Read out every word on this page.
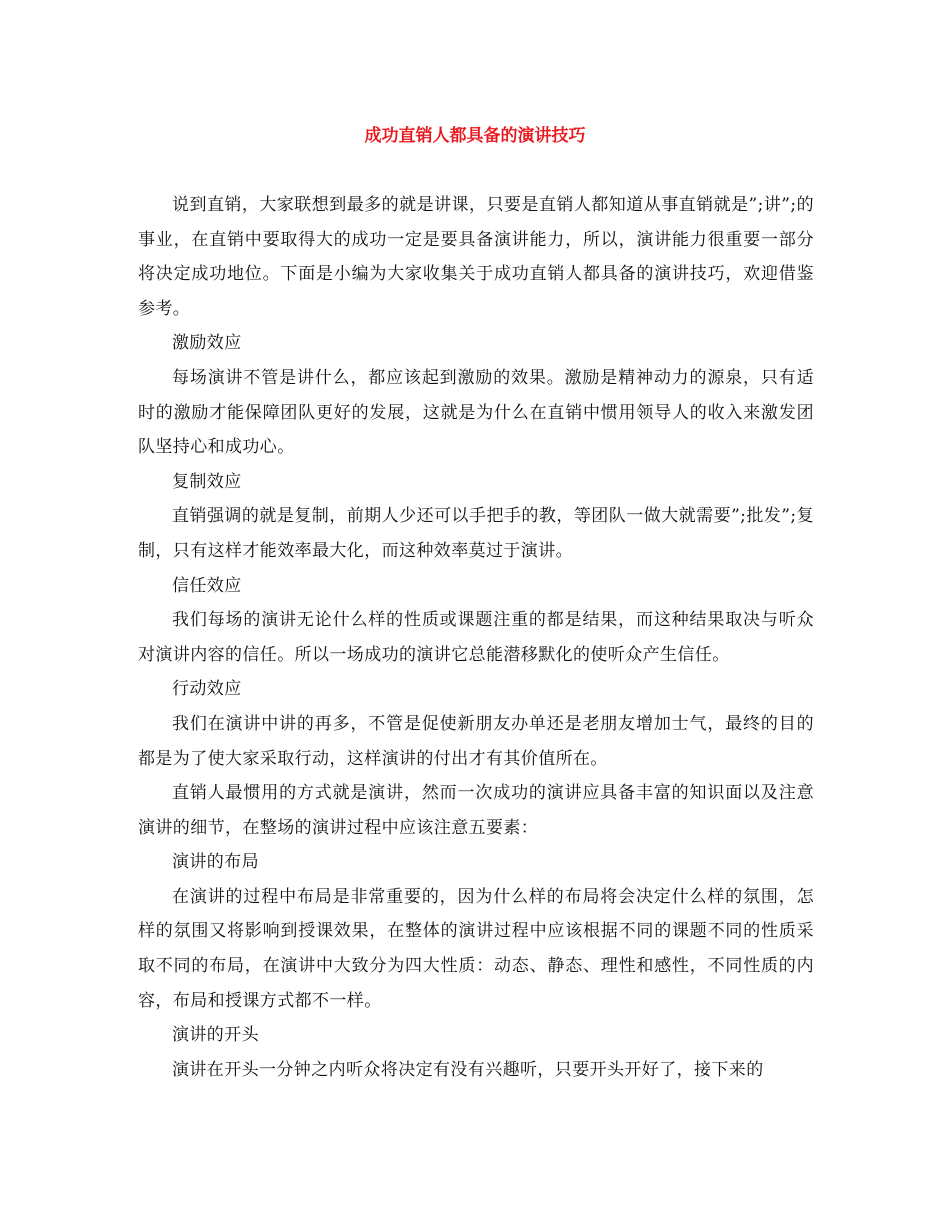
成功直销人都具备的演讲技巧

说到直销，大家联想到最多的就是讲课，只要是直销人都知道从事直销就是”;讲”;的事业，在直销中要取得大的成功一定是要具备演讲能力，所以，演讲能力很重要一部分将决定成功地位。下面是小编为大家收集关于成功直销人都具备的演讲技巧，欢迎借鉴参考。

激励效应

每场演讲不管是讲什么，都应该起到激励的效果。激励是精神动力的源泉，只有适时的激励才能保障团队更好的发展，这就是为什么在直销中惯用领导人的收入来激发团队坚持心和成功心。

复制效应

直销强调的就是复制，前期人少还可以手把手的教，等团队一做大就需要”;批发”;复制，只有这样才能效率最大化，而这种效率莫过于演讲。

信任效应

我们每场的演讲无论什么样的性质或课题注重的都是结果，而这种结果取决与听众对演讲内容的信任。所以一场成功的演讲它总能潜移默化的使听众产生信任。

行动效应

我们在演讲中讲的再多，不管是促使新朋友办单还是老朋友增加士气，最终的目的都是为了使大家采取行动，这样演讲的付出才有其价值所在。

直销人最惯用的方式就是演讲，然而一次成功的演讲应具备丰富的知识面以及注意演讲的细节，在整场的演讲过程中应该注意五要素：

演讲的布局

在演讲的过程中布局是非常重要的，因为什么样的布局将会决定什么样的氛围，怎样的氛围又将影响到授课效果，在整体的演讲过程中应该根据不同的课题不同的性质采取不同的布局，在演讲中大致分为四大性质：动态、静态、理性和感性，不同性质的内容，布局和授课方式都不一样。

演讲的开头

演讲在开头一分钟之内听众将决定有没有兴趣听，只要开头开好了，接下来的
